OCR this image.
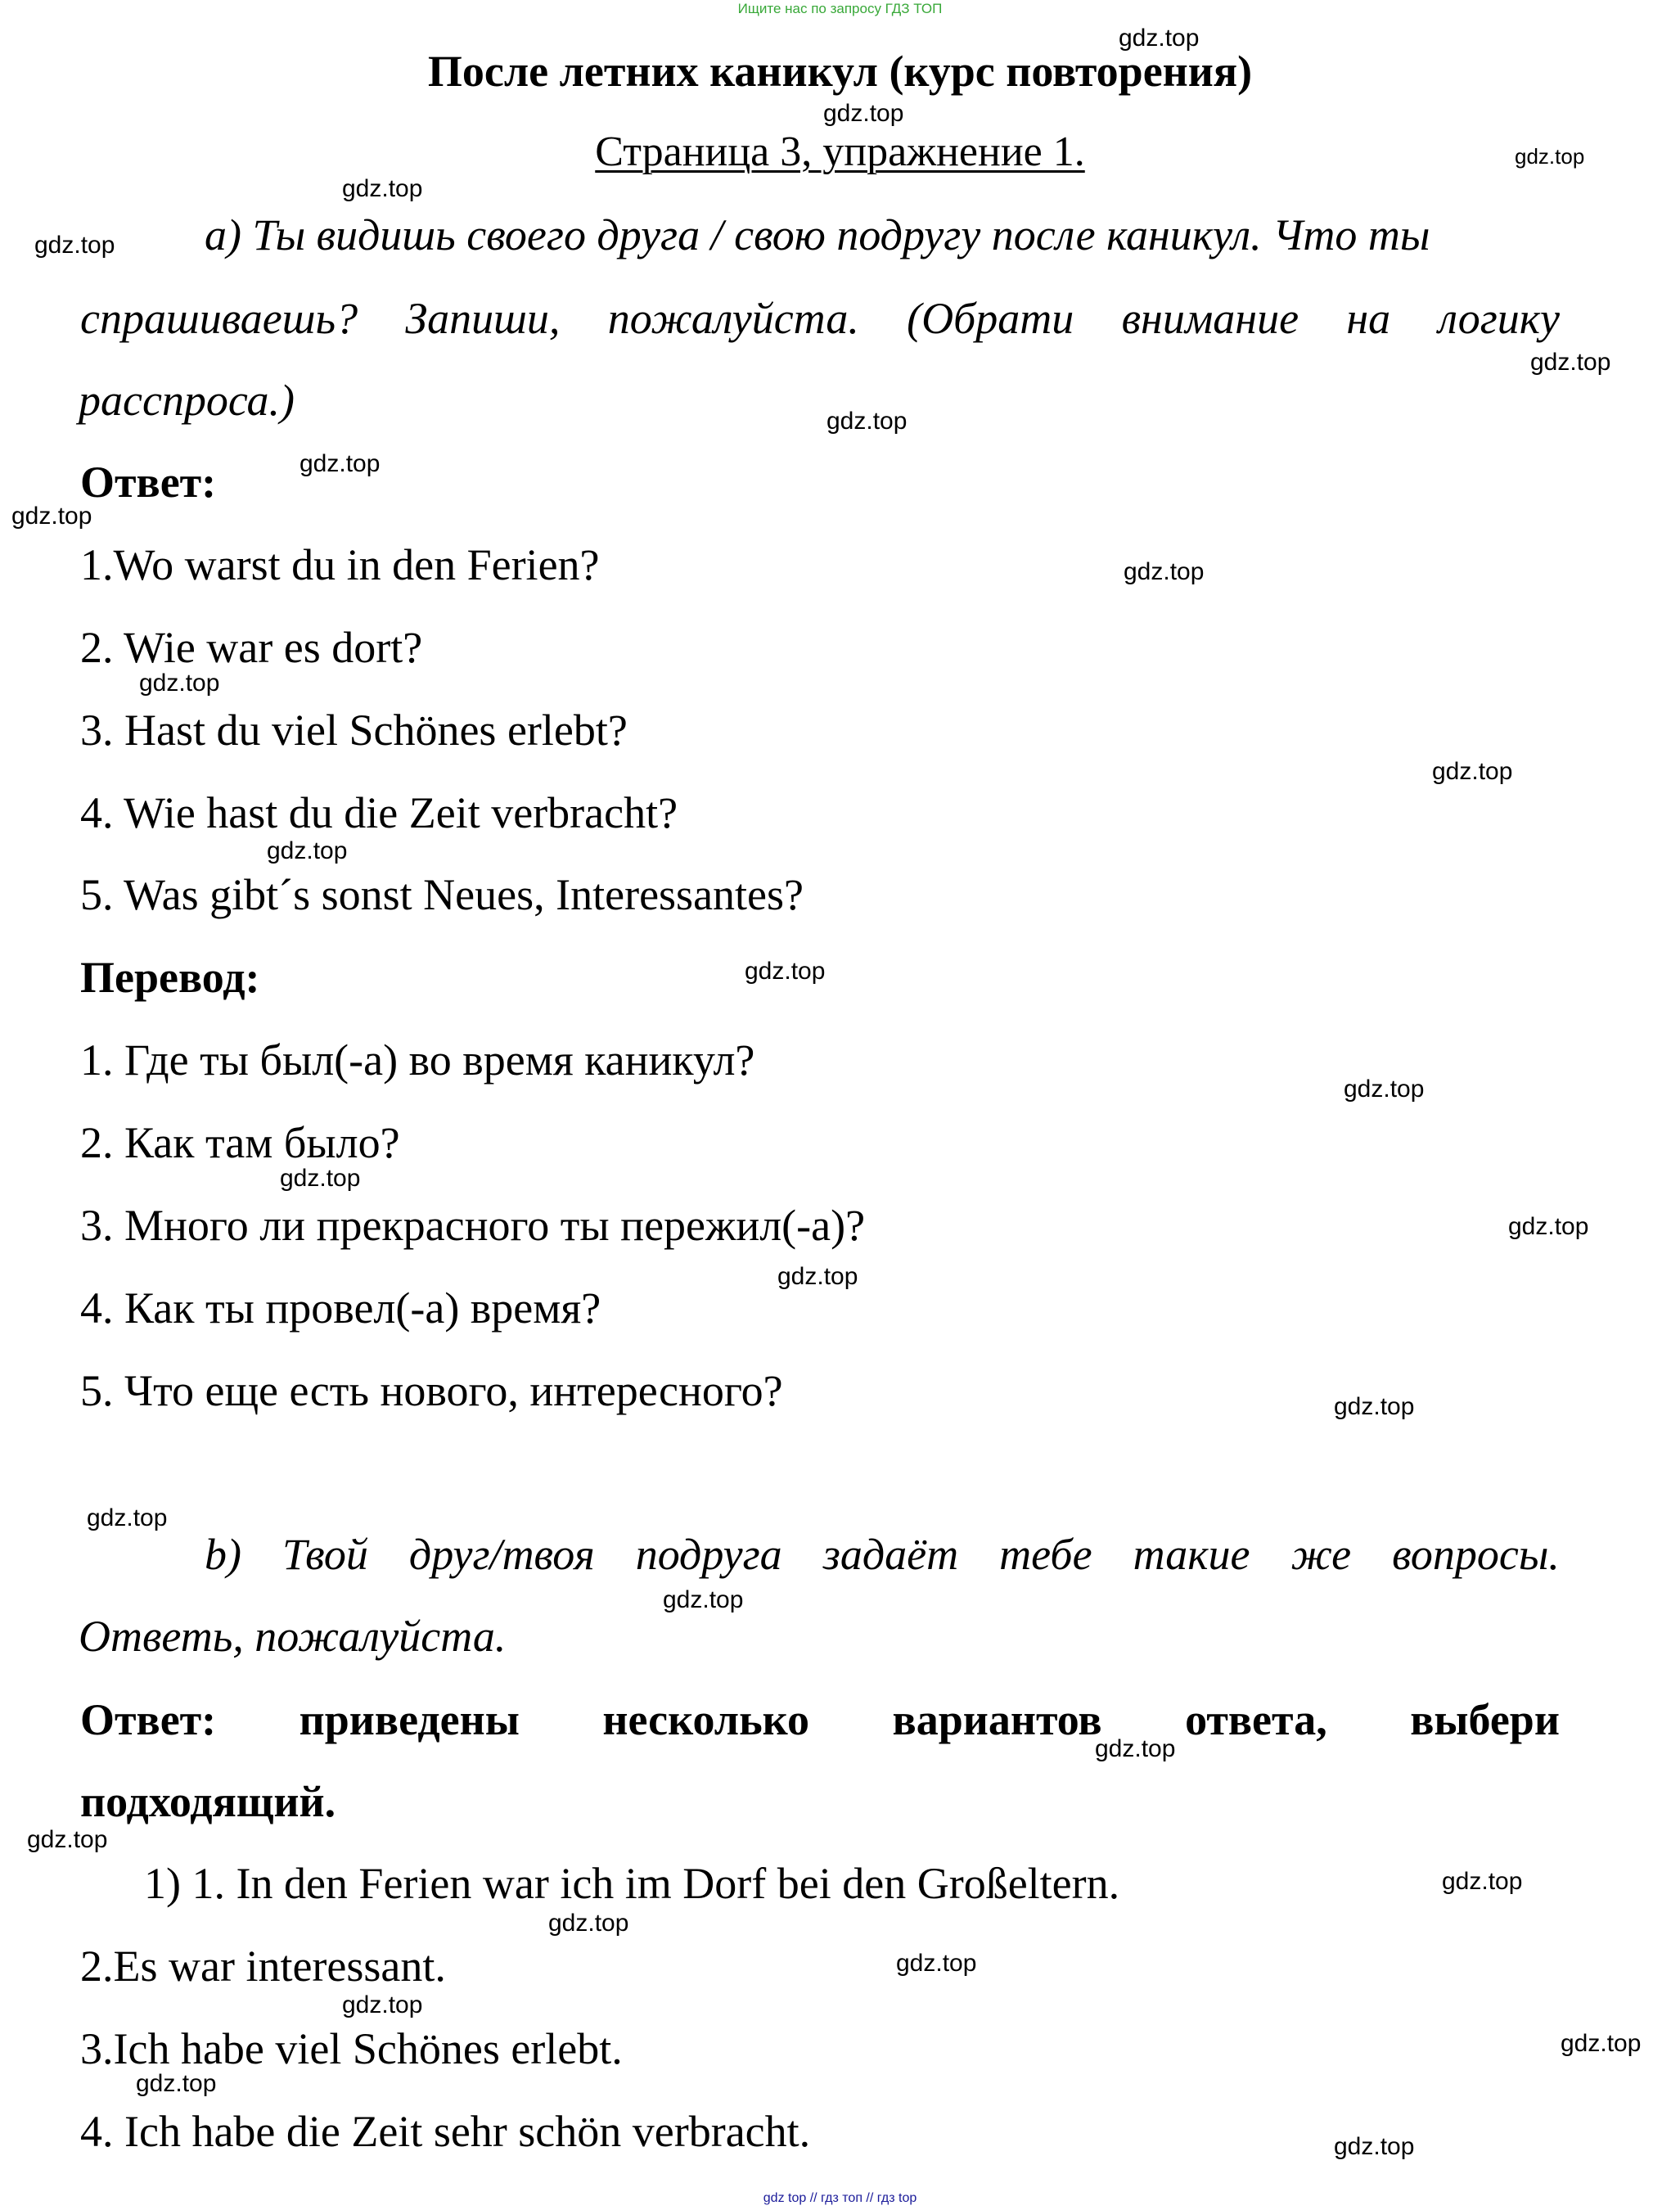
Ищите нас по запросу ГДЗ ТОП
После летних каникул (курс повторения)
Страница 3, упражнение 1.
а) Ты видишь своего друга / свою подругу после каникул. Что ты
спрашиваешь? Запиши, пожалуйста. (Обрати внимание на логику
расспроса.)
Ответ:
1.Wo warst du in den Ferien?
2. Wie war es dort?
3. Hast du viel Schönes erlebt?
4. Wie hast du die Zeit verbracht?
5. Was gibt´s sonst Neues, Interessantes?
Перевод:
1. Где ты был(-а) во время каникул?
2. Как там было?
3. Много ли прекрасного ты пережил(-а)?
4. Как ты провел(-а) время?
5. Что еще есть нового, интересного?
b) Твой друг/твоя подруга задаёт тебе такие же вопросы.
Ответь, пожалуйста.
Ответ: приведены несколько вариантов ответа, выбери
подходящий.
1) 1. In den Ferien war ich im Dorf bei den Großeltern.
2.Es war interessant.
3.Ich habe viel Schönes erlebt.
4. Ich habe die Zeit sehr schön verbracht.
gdz.top
gdz.top
gdz.top
gdz.top
gdz.top
gdz.top
gdz.top
gdz.top
gdz.top
gdz.top
gdz.top
gdz.top
gdz.top
gdz.top
gdz.top
gdz.top
gdz.top
gdz.top
gdz.top
gdz.top
gdz.top
gdz.top
gdz.top
gdz.top
gdz.top
gdz.top
gdz.top
gdz.top
gdz.top
gdz.top
gdz top // гдз топ // гдз top
